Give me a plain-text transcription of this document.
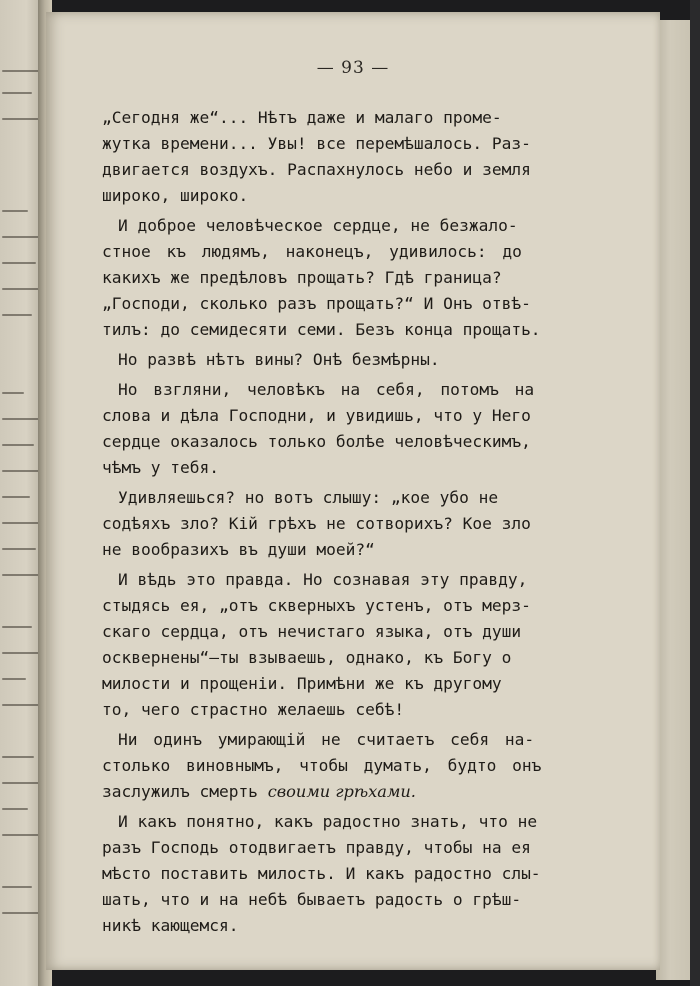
— 93 —
„Сегодня же“... Нѣтъ даже и малаго проме-
жутка времени... Увы! все перемѣшалось. Раз-
двигается воздухъ. Распахнулось небо и земля
широко, широко.
И доброе человѣческое сердце, не безжало-
стное къ людямъ, наконецъ, удивилось: до
какихъ же предѣловъ прощать? Гдѣ граница?
„Господи, сколько разъ прощать?“ И Онъ отвѣ-
тилъ: до семидесяти семи. Безъ конца прощать.
Но развѣ нѣтъ вины? Онѣ безмѣрны.
Но взгляни, человѣкъ на себя, потомъ на
слова и дѣла Господни, и увидишь, что у Него
сердце оказалось только болѣе человѣческимъ,
чѣмъ у тебя.
Удивляешься? но вотъ слышу: „кое убо не
содѣяхъ зло? Кiй грѣхъ не сотворихъ? Кое зло
не вообразихъ въ души моей?“
И вѣдь это правда. Но сознавая эту правду,
стыдясь ея, „отъ скверныхъ устенъ, отъ мерз-
скаго сердца, отъ нечистаго языка, отъ души
осквернены“—ты взываешь, однако, къ Богу о
милости и прощенiи. Примѣни же къ другому
то, чего страстно желаешь себѣ!
Ни одинъ умирающiй не считаетъ себя на-
столько виновнымъ, чтобы думать, будто онъ
заслужилъ смерть своими грѣхами.
И какъ понятно, какъ радостно знать, что не
разъ Господь отодвигаетъ правду, чтобы на ея
мѣсто поставить милость. И какъ радостно слы-
шать, что и на небѣ бываетъ радость о грѣш-
никѣ кающемся.
